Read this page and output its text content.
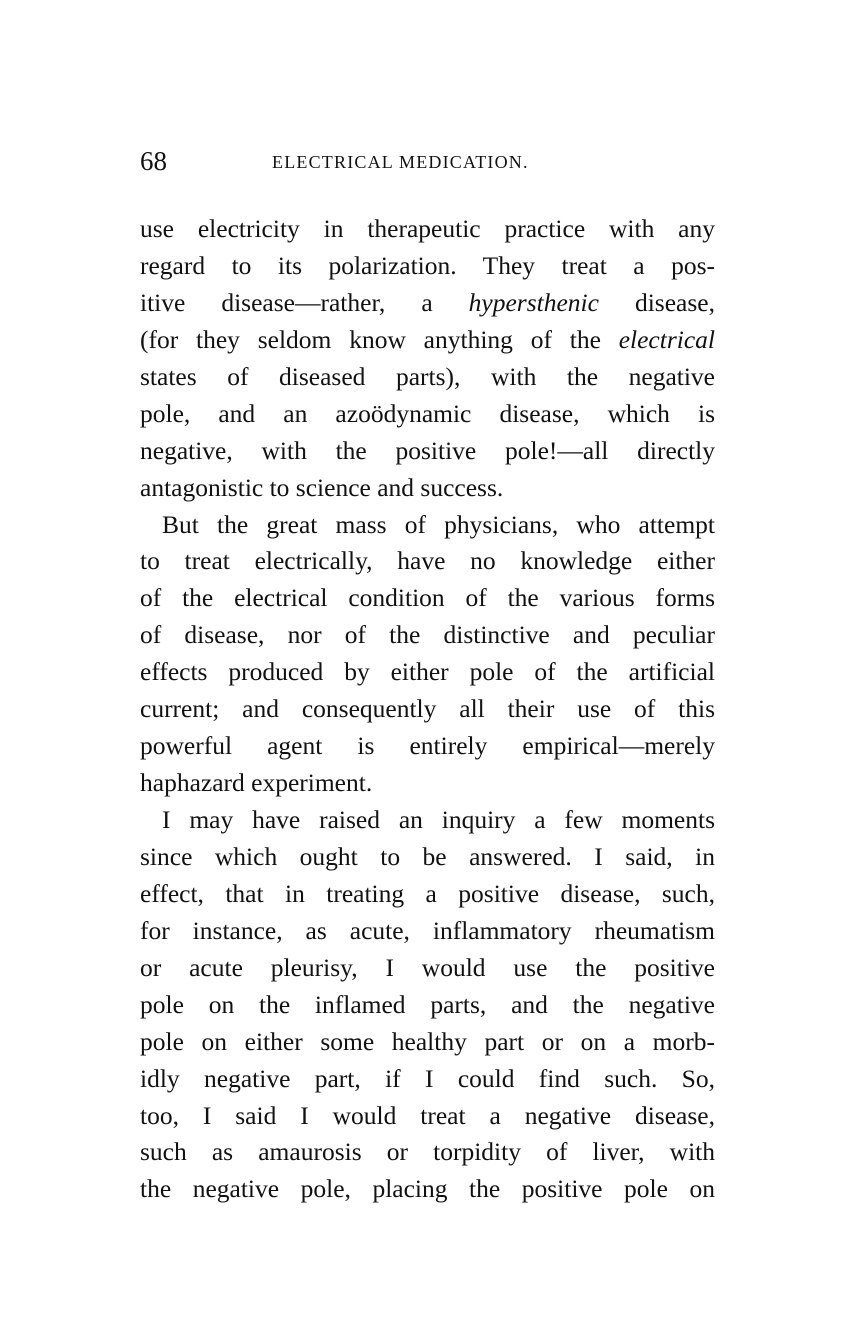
68	ELECTRICAL MEDICATION.
use electricity in therapeutic practice with any
regard to its polarization. They treat a pos-
itive disease—rather, a hypersthenic disease,
(for they seldom know anything of the electrical
states of diseased parts), with the negative
pole, and an azoödynamic disease, which is
negative, with the positive pole!—all directly
antagonistic to science and success.
But the great mass of physicians, who attempt
to treat electrically, have no knowledge either
of the electrical condition of the various forms
of disease, nor of the distinctive and peculiar
effects produced by either pole of the artificial
current; and consequently all their use of this
powerful agent is entirely empirical—merely
haphazard experiment.
I may have raised an inquiry a few moments
since which ought to be answered. I said, in
effect, that in treating a positive disease, such,
for instance, as acute, inflammatory rheumatism
or acute pleurisy, I would use the positive
pole on the inflamed parts, and the negative
pole on either some healthy part or on a morb-
idly negative part, if I could find such. So,
too, I said I would treat a negative disease,
such as amaurosis or torpidity of liver, with
the negative pole, placing the positive pole on
